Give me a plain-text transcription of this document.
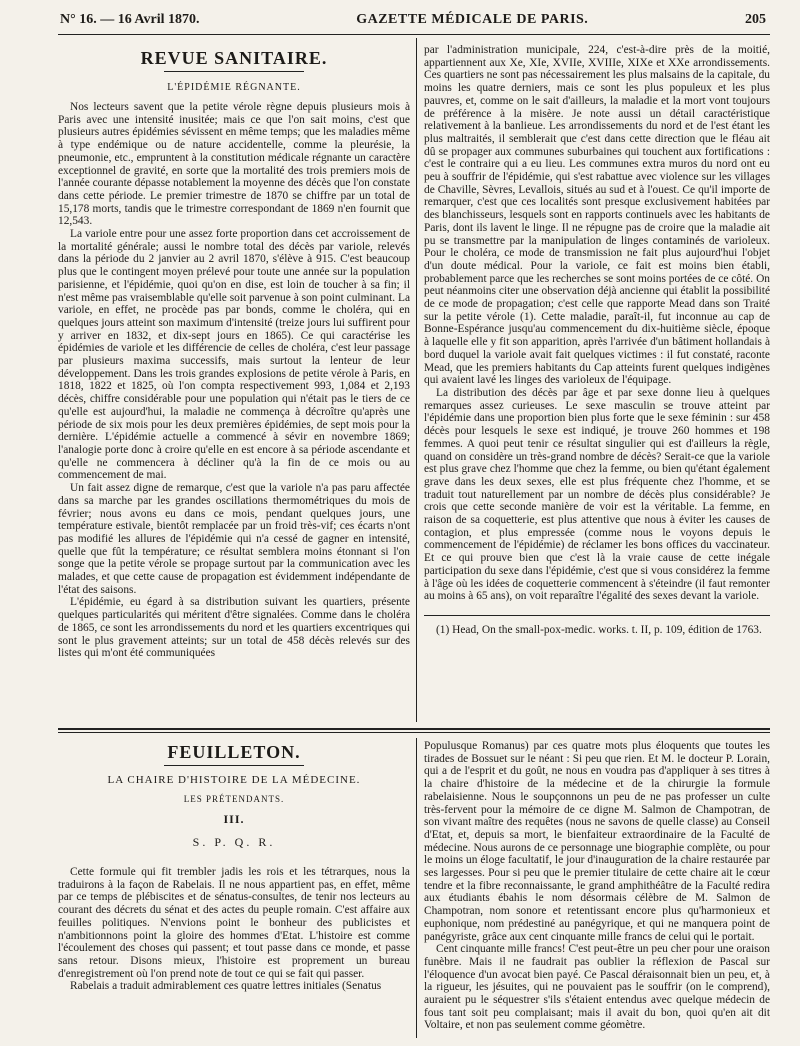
N° 16. — 16 Avril 1870.	GAZETTE MÉDICALE DE PARIS.	205
REVUE SANITAIRE.
L'ÉPIDÉMIE RÉGNANTE.

Nos lecteurs savent que la petite vérole règne depuis plusieurs mois à Paris avec une intensité inusitée; mais ce que l'on sait moins, c'est que plusieurs autres épidémies sévissent en même temps; que les maladies même à type endémique ou de nature accidentelle, comme la pleurésie, la pneumonie, etc., empruntent à la constitution médicale régnante un caractère exceptionnel de gravité, en sorte que la mortalité des trois premiers mois de l'année courante dépasse notablement la moyenne des décès que l'on constate dans cette période. Le premier trimestre de 1870 se chiffre par un total de 15,178 morts, tandis que le trimestre correspondant de 1869 n'en fournit que 12,543.

La variole entre pour une assez forte proportion dans cet accroissement de la mortalité générale; aussi le nombre total des décès par variole, relevés dans la période du 2 janvier au 2 avril 1870, s'élève à 915. C'est beaucoup plus que le contingent moyen prélevé pour toute une année sur la population parisienne, et l'épidémie, quoi qu'on en dise, est loin de toucher à sa fin; il n'est même pas vraisemblable qu'elle soit parvenue à son point culminant. La variole, en effet, ne procède pas par bonds, comme le choléra, qui en quelques jours atteint son maximum d'intensité (treize jours lui suffirent pour y arriver en 1832, et dix-sept jours en 1865). Ce qui caractérise les épidémies de variole et les différencie de celles de choléra, c'est leur passage par plusieurs maxima successifs, mais surtout la lenteur de leur développement. Dans les trois grandes explosions de petite vérole à Paris, en 1818, 1822 et 1825, où l'on compta respectivement 993, 1,084 et 2,193 décès, chiffre considérable pour une population qui n'était pas le tiers de ce qu'elle est aujourd'hui, la maladie ne commença à décroître qu'après une période de six mois pour les deux premières épidémies, de sept mois pour la dernière. L'épidémie actuelle a commencé à sévir en novembre 1869; l'analogie porte donc à croire qu'elle en est encore à sa période ascendante et qu'elle ne commencera à décliner qu'à la fin de ce mois ou au commencement de mai.

Un fait assez digne de remarque, c'est que la variole n'a pas paru affectée dans sa marche par les grandes oscillations thermométriques du mois de février; nous avons eu dans ce mois, pendant quelques jours, une température estivale, bientôt remplacée par un froid très-vif; ces écarts n'ont pas modifié les allures de l'épidémie qui n'a cessé de gagner en intensité, quelle que fût la température; ce résultat semblera moins étonnant si l'on songe que la petite vérole se propage surtout par la communication avec les malades, et que cette cause de propagation est évidemment indépendante de l'état des saisons.

L'épidémie, eu égard à sa distribution suivant les quartiers, présente quelques particularités qui méritent d'être signalées. Comme dans le choléra de 1865, ce sont les arrondissements du nord et les quartiers excentriques qui sont le plus gravement atteints; sur un total de 458 décès relevés sur des listes qui m'ont été communiquées

par l'administration municipale, 224, c'est-à-dire près de la moitié, appartiennent aux Xe, XIe, XVIIe, XVIIIe, XIXe et XXe arrondissements. Ces quartiers ne sont pas nécessairement les plus malsains de la capitale, du moins les quatre derniers, mais ce sont les plus populeux et les plus pauvres, et, comme on le sait d'ailleurs, la maladie et la mort vont toujours de préférence à la misère. Je note aussi un détail caractéristique relativement à la banlieue. Les arrondissements du nord et de l'est étant les plus maltraités, il semblerait que c'est dans cette direction que le fléau ait dû se propager aux communes suburbaines qui touchent aux fortifications : c'est le contraire qui a eu lieu. Les communes extra muros du nord ont eu peu à souffrir de l'épidémie, qui s'est rabattue avec violence sur les villages de Chaville, Sèvres, Levallois, situés au sud et à l'ouest. Ce qu'il importe de remarquer, c'est que ces localités sont presque exclusivement habitées par des blanchisseurs, lesquels sont en rapports continuels avec les habitants de Paris, dont ils lavent le linge. Il ne répugne pas de croire que la maladie ait pu se transmettre par la manipulation de linges contaminés de varioleux. Pour le choléra, ce mode de transmission ne fait plus aujourd'hui l'objet d'un doute médical. Pour la variole, ce fait est moins bien établi, probablement parce que les recherches se sont moins portées de ce côté. On peut néanmoins citer une observation déjà ancienne qui établit la possibilité de ce mode de propagation; c'est celle que rapporte Mead dans son Traité sur la petite vérole (1). Cette maladie, paraît-il, fut inconnue au cap de Bonne-Espérance jusqu'au commencement du dix-huitième siècle, époque à laquelle elle y fit son apparition, après l'arrivée d'un bâtiment hollandais à bord duquel la variole avait fait quelques victimes : il fut constaté, raconte Mead, que les premiers habitants du Cap atteints furent quelques indigènes qui avaient lavé les linges des varioleux de l'équipage.

La distribution des décès par âge et par sexe donne lieu à quelques remarques assez curieuses. Le sexe masculin se trouve atteint par l'épidémie dans une proportion bien plus forte que le sexe féminin : sur 458 décès pour lesquels le sexe est indiqué, je trouve 260 hommes et 198 femmes. A quoi peut tenir ce résultat singulier qui est d'ailleurs la règle, quand on considère un très-grand nombre de décès? Serait-ce que la variole est plus grave chez l'homme que chez la femme, ou bien qu'étant également grave dans les deux sexes, elle est plus fréquente chez l'homme, et se traduit tout naturellement par un nombre de décès plus considérable? Je crois que cette seconde manière de voir est la véritable. La femme, en raison de sa coquetterie, est plus attentive que nous à éviter les causes de contagion, et plus empressée (comme nous le voyons depuis le commencement de l'épidémie) de réclamer les bons offices du vaccinateur. Et ce qui prouve bien que c'est là la vraie cause de cette inégale participation du sexe dans l'épidémie, c'est que si vous considérez la femme à l'âge où les idées de coquetterie commencent à s'éteindre (il faut remonter au moins à 65 ans), on voit reparaître l'égalité des sexes devant la variole.

(1) Head, On the small-pox-medic. works. t. II, p. 109, édition de 1763.

FEUILLETON.
LA CHAIRE D'HISTOIRE DE LA MÉDECINE.
LES PRÉTENDANTS.
III.
S. P. Q. R.

Cette formule qui fit trembler jadis les rois et les tétrarques, nous la traduirons à la façon de Rabelais. Il ne nous appartient pas, en effet, même par ce temps de plébiscites et de sénatus-consultes, de tenir nos lecteurs au courant des décrets du sénat et des actes du peuple romain. C'est affaire aux feuilles politiques. N'envions point le bonheur des publicistes et n'ambitionnons point la gloire des hommes d'Etat. L'histoire est comme l'écoulement des choses qui passent; et tout passe dans ce monde, et passe sans retour. Disons mieux, l'histoire est proprement un bureau d'enregistrement où l'on prend note de tout ce qui se fait qui passer.

Rabelais a traduit admirablement ces quatre lettres initiales (Senatus

Populusque Romanus) par ces quatre mots plus éloquents que toutes les tirades de Bossuet sur le néant : Si peu que rien. Et M. le docteur P. Lorain, qui a de l'esprit et du goût, ne nous en voudra pas d'appliquer à ses titres à la chaire d'histoire de la médecine et de la chirurgie la formule rabelaisienne. Nous le soupçonnons un peu de ne pas professer un culte très-fervent pour la mémoire de ce digne M. Salmon de Champotran, de son vivant maître des requêtes (nous ne savons de quelle classe) au Conseil d'Etat, et, depuis sa mort, le bienfaiteur extraordinaire de la Faculté de médecine. Nous aurons de ce personnage une biographie complète, ou pour le moins un éloge facultatif, le jour d'inauguration de la chaire restaurée par ses largesses. Pour si peu que le premier titulaire de cette chaire ait le cœur tendre et la fibre reconnaissante, le grand amphithéâtre de la Faculté redira aux étudiants ébahis le nom désormais célèbre de M. Salmon de Champotran, nom sonore et retentissant encore plus qu'harmonieux et euphonique, nom prédestiné au panégyrique, et qui ne manquera point de panégyriste, grâce aux cent cinquante mille francs de celui qui le portait.

Cent cinquante mille francs! C'est peut-être un peu cher pour une oraison funèbre. Mais il ne faudrait pas oublier la réflexion de Pascal sur l'éloquence d'un avocat bien payé. Ce Pascal déraisonnait bien un peu, et, à la rigueur, les jésuites, qui ne pouvaient pas le souffrir (on le comprend), auraient pu le séquestrer s'ils s'étaient entendus avec quelque médecin de fous tant soit peu complaisant; mais il avait du bon, quoi qu'en ait dit Voltaire, et non pas seulement comme géomètre.
